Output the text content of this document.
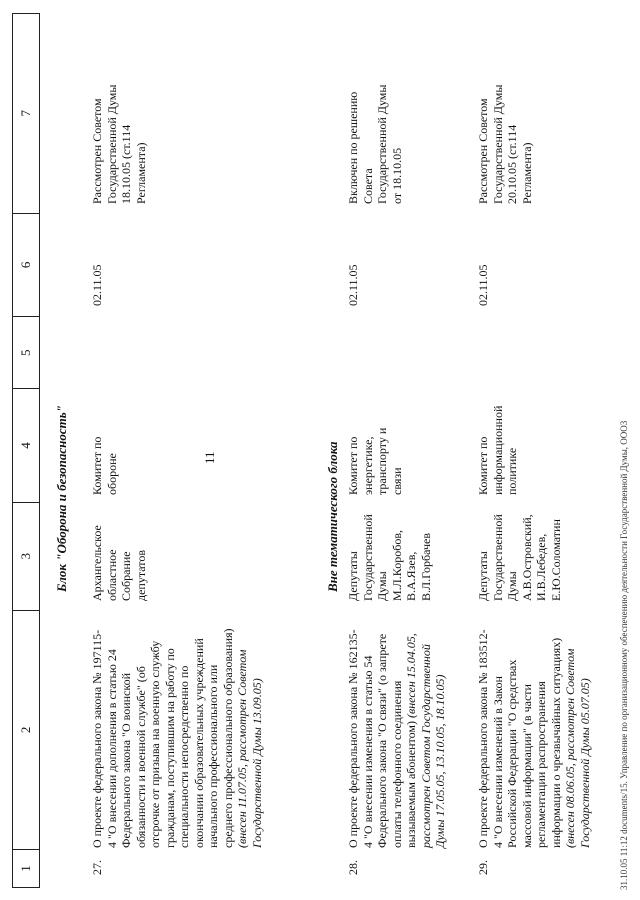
1
2
3
4
5
6
7
11
Блок "Оборона и безопасность"
27.
О проекте федерального закона № 197115-4 "О внесении дополнения в статью 24 Федерального закона "О воинской обязанности и военной службе" (об отсрочке от призыва на военную службу гражданам, поступившим на работу по специальности непосредственно по окончании образовательных учреждений начального профессионального или среднего профессионального образования) (внесен 11.07.05, рассмотрен Советом Государственной Думы 13.09.05)
Архангельское областное Собрание депутатов
Комитет по обороне
02.11.05
Рассмотрен Советом Государственной Думы 18.10.05 (ст.114 Регламента)
Вне тематического блока
28.
О проекте федерального закона № 162135-4 "О внесении изменения в статью 54 Федерального закона "О связи" (о запрете оплаты телефонного соединения вызываемым абонентом) (внесен 15.04.05, рассмотрен Советом Государственной Думы 17.05.05, 13.10.05, 18.10.05)
Депутаты Государственной Думы М.Л.Коробов, В.А.Язев, В.Л.Горбачев
Комитет по энергетике, транспорту и связи
02.11.05
Включен по решению Совета Государственной Думы от 18.10.05
29.
О проекте федерального закона № 183512-4 "О внесении изменений в Закон Российской Федерации "О средствах массовой информации" (в части регламентации распространения информации о чрезвычайных ситуациях) (внесен 08.06.05, рассмотрен Советом Государственной Думы 05.07.05)
Депутаты Государственной Думы А.В.Островский, И.В.Лебедев, Е.Ю.Соломатин
Комитет по информационной политике
02.11.05
Рассмотрен Советом Государственной Думы 20.10.05 (ст.114 Регламента)
31.10.05 11:12 documents/15. Управление по организационному обеспечению деятельности Государственной Думы, ООО3
